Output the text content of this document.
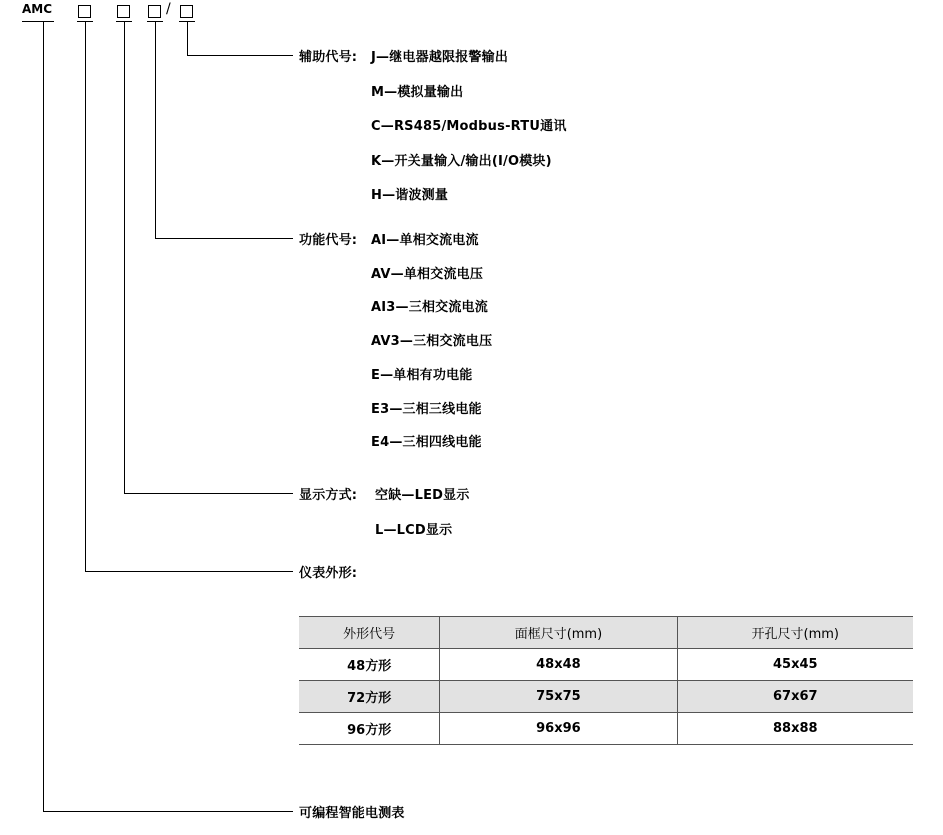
AMC	/
辅助代号: J—继电器越限报警输出
M—模拟量输出
C—RS485/Modbus-RTU通讯
K—开关量输入/输出(I/O模块)
H—谐波测量
功能代号: AI—单相交流电流
AV—单相交流电压
AI3—三相交流电流
AV3—三相交流电压
E—单相有功电能
E3—三相三线电能
E4—三相四线电能
显示方式: 空缺—LED显示
L—LCD显示
仪表外形:
外形代号	面框尺寸(mm)	开孔尺寸(mm)
48方形	48x48	45x45
72方形	75x75	67x67
96方形	96x96	88x88
可编程智能电测表
